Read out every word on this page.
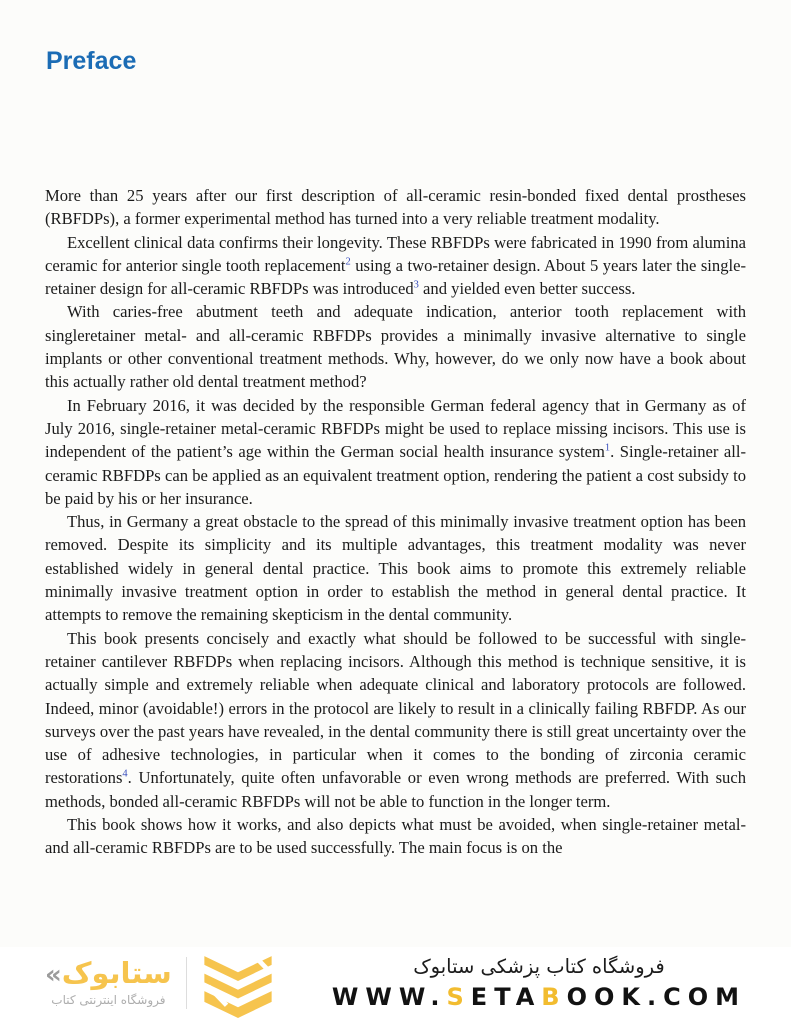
Preface

More than 25 years after our first description of all-ceramic resin-bonded fixed dental prostheses (RBFDPs), a former experimental method has turned into a very reliable treatment modality.

Excellent clinical data confirms their longevity. These RBFDPs were fabricated in 1990 from alumina ceramic for anterior single tooth replacement$^2$ using a two-retainer design. About 5 years later the single-retainer design for all-ceramic RBFDPs was introduced$^3$ and yielded even better success.

With caries-free abutment teeth and adequate indication, anterior tooth replacement with singleretainer metal- and all-ceramic RBFDPs provides a minimally invasive alternative to single implants or other conventional treatment methods. Why, however, do we only now have a book about this actually rather old dental treatment method?

In February 2016, it was decided by the responsible German federal agency that in Germany as of July 2016, single-retainer metal-ceramic RBFDPs might be used to replace missing incisors. This use is independent of the patient’s age within the German social health insurance system$^1$. Single-retainer all-ceramic RBFDPs can be applied as an equivalent treatment option, rendering the patient a cost subsidy to be paid by his or her insurance.

Thus, in Germany a great obstacle to the spread of this minimally invasive treatment option has been removed. Despite its simplicity and its multiple advantages, this treatment modality was never established widely in general dental practice. This book aims to promote this extremely reliable minimally invasive treatment option in order to establish the method in general dental practice. It attempts to remove the remaining skepticism in the dental community.

This book presents concisely and exactly what should be followed to be successful with single-retainer cantilever RBFDPs when replacing incisors. Although this method is technique sensitive, it is actually simple and extremely reliable when adequate clinical and laboratory protocols are followed. Indeed, minor (avoidable!) errors in the protocol are likely to result in a clinically failing RBFDP. As our surveys over the past years have revealed, in the dental community there is still great uncertainty over the use of adhesive technologies, in particular when it comes to the bonding of zirconia ceramic restorations$^4$. Unfortunately, quite often unfavorable or even wrong methods are preferred. With such methods, bonded all-ceramic RBFDPs will not be able to function in the longer term.

This book shows how it works, and also depicts what must be avoided, when single-retainer metal- and all-ceramic RBFDPs are to be used successfully. The main focus is on the

«ستابوک
فروشگاه اینترنتی کتاب
فروشگاه کتاب پزشکی ستابوک
WWW.SETABOOK.COM
